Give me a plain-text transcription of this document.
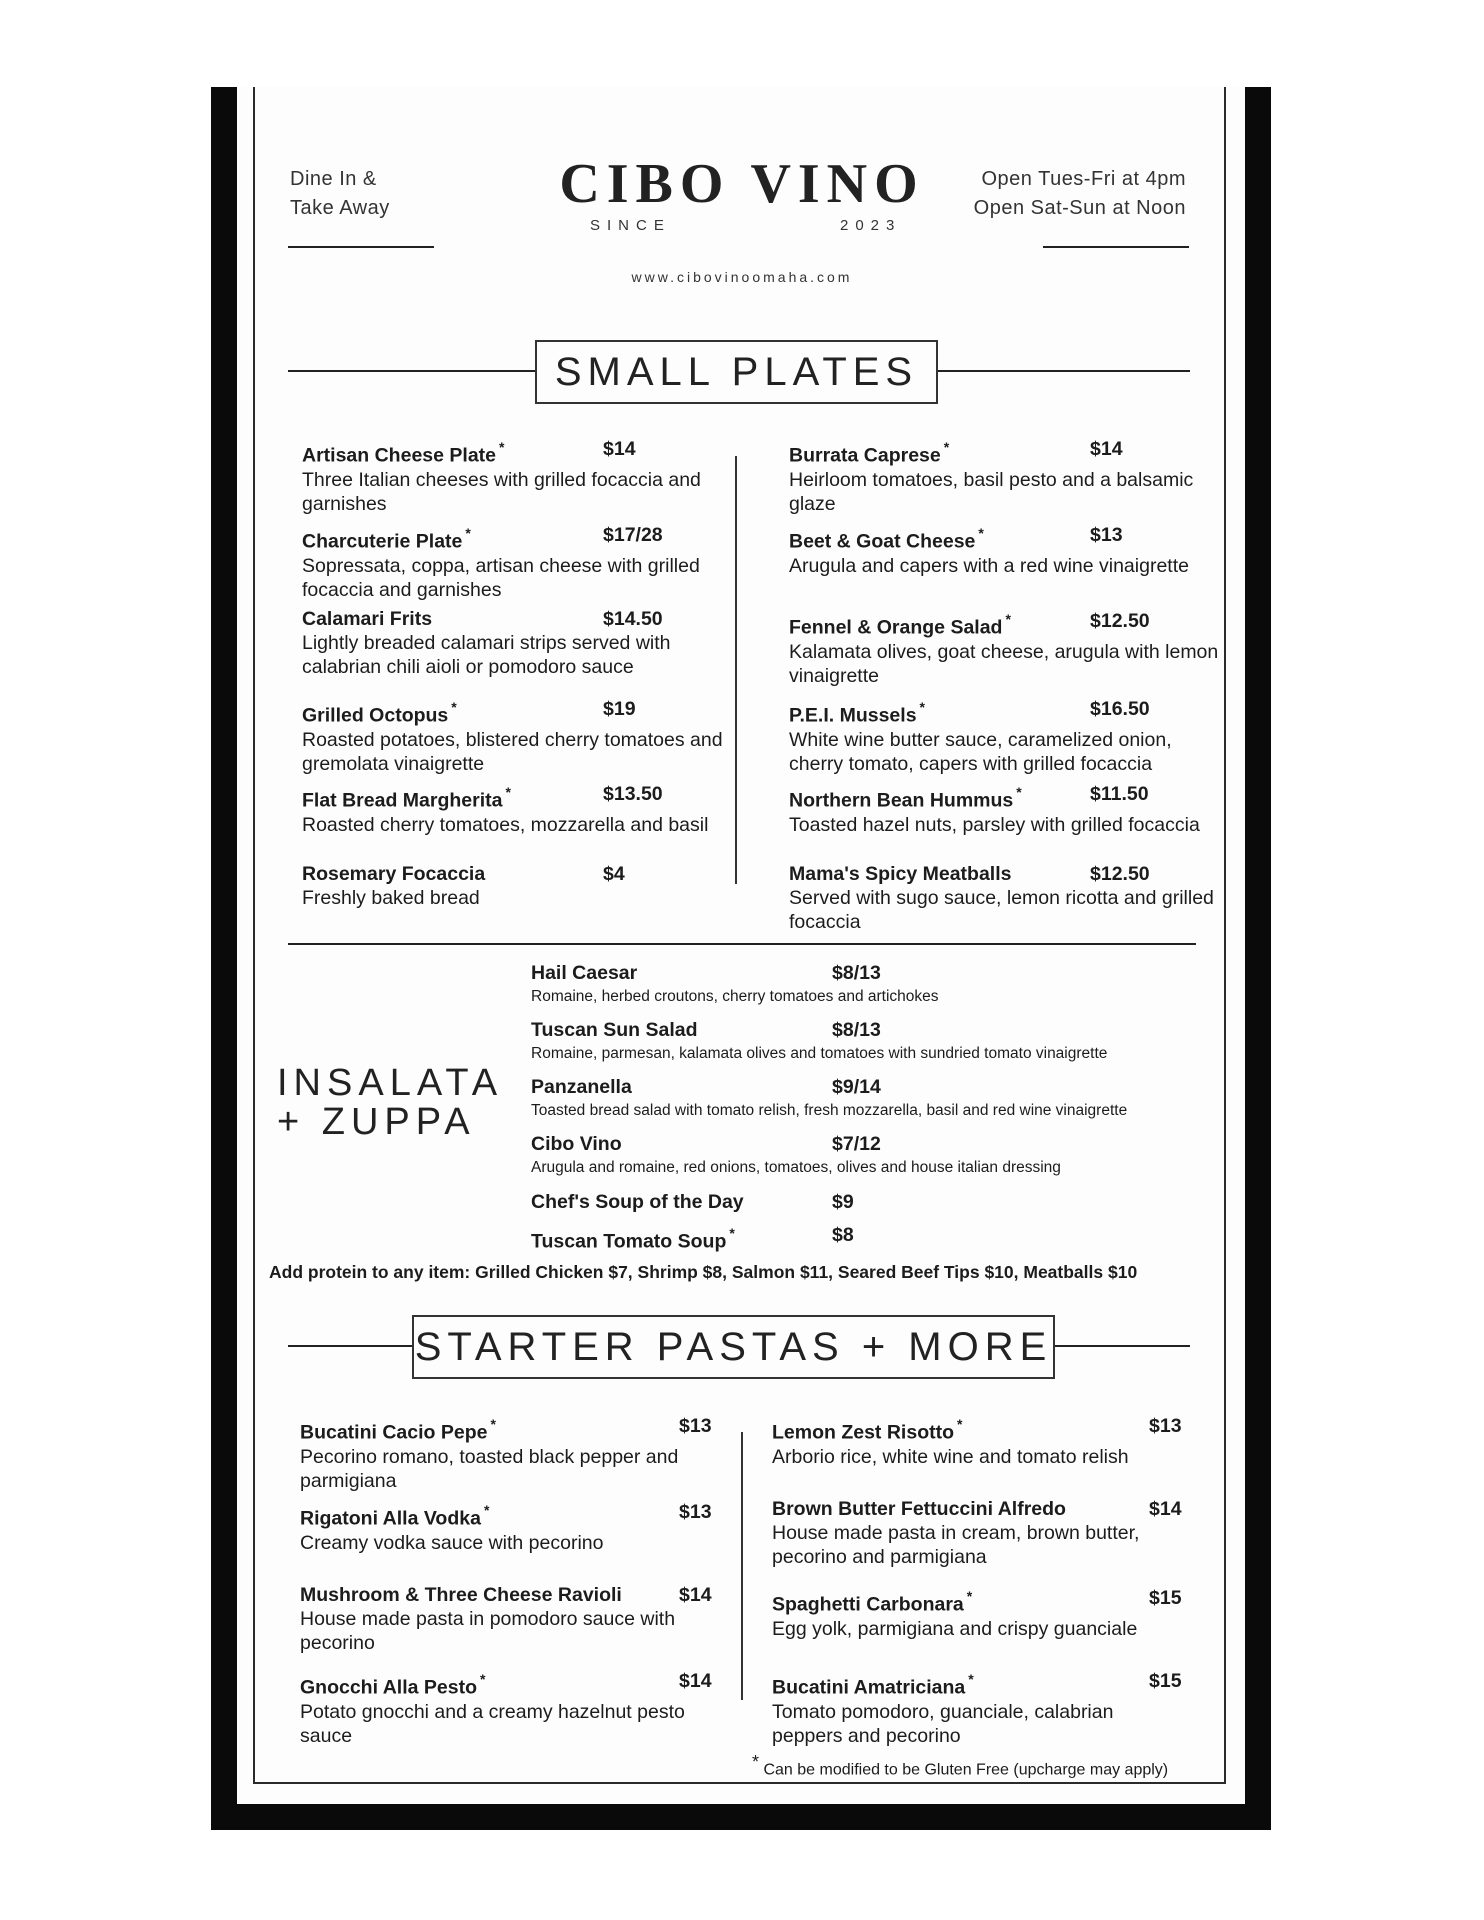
Dine In &
Take Away	CIBO VINO
SINCE	2023
www.cibovinoomaha.com
Open Tues-Fri at 4pm
Open Sat-Sun at Noon
SMALL PLATES
Artisan Cheese Plate *	$14
Three Italian cheeses with grilled focaccia and garnishes
Charcuterie Plate *	$17/28
Sopressata, coppa, artisan cheese with grilled focaccia and garnishes
Calamari Frits	$14.50
Lightly breaded calamari strips served with calabrian chili aioli or pomodoro sauce
Grilled Octopus *	$19
Roasted potatoes, blistered cherry tomatoes and gremolata vinaigrette
Flat Bread Margherita *	$13.50
Roasted cherry tomatoes, mozzarella and basil
Rosemary Focaccia	$4
Freshly baked bread
Burrata Caprese *	$14
Heirloom tomatoes, basil pesto and a balsamic glaze
Beet & Goat Cheese *	$13
Arugula and capers with a red wine vinaigrette
Fennel & Orange Salad *	$12.50
Kalamata olives, goat cheese, arugula with lemon vinaigrette
P.E.I. Mussels *	$16.50
White wine butter sauce, caramelized onion, cherry tomato, capers with grilled focaccia
Northern Bean Hummus *	$11.50
Toasted hazel nuts, parsley with grilled focaccia
Mama's Spicy Meatballs	$12.50
Served with sugo sauce, lemon ricotta and grilled focaccia
INSALATA
+ ZUPPA
Hail Caesar	$8/13
Romaine, herbed croutons, cherry tomatoes and artichokes
Tuscan Sun Salad	$8/13
Romaine, parmesan, kalamata olives and tomatoes with sundried tomato vinaigrette
Panzanella	$9/14
Toasted bread salad with tomato relish, fresh mozzarella, basil and red wine vinaigrette
Cibo Vino	$7/12
Arugula and romaine, red onions, tomatoes, olives and house italian dressing
Chef's Soup of the Day	$9
Tuscan Tomato Soup *	$8
Add protein to any item: Grilled Chicken $7, Shrimp $8, Salmon $11, Seared Beef Tips $10, Meatballs $10
STARTER PASTAS + MORE
Bucatini Cacio Pepe *	$13
Pecorino romano, toasted black pepper and parmigiana
Rigatoni Alla Vodka *	$13
Creamy vodka sauce with pecorino
Mushroom & Three Cheese Ravioli	$14
House made pasta in pomodoro sauce with pecorino
Gnocchi Alla Pesto *	$14
Potato gnocchi and a creamy hazelnut pesto sauce
Lemon Zest Risotto *	$13
Arborio rice, white wine and tomato relish
Brown Butter Fettuccini Alfredo	$14
House made pasta in cream, brown butter, pecorino and parmigiana
Spaghetti Carbonara *	$15
Egg yolk, parmigiana and crispy guanciale
Bucatini Amatriciana *	$15
Tomato pomodoro, guanciale, calabrian peppers and pecorino
* Can be modified to be Gluten Free (upcharge may apply)
